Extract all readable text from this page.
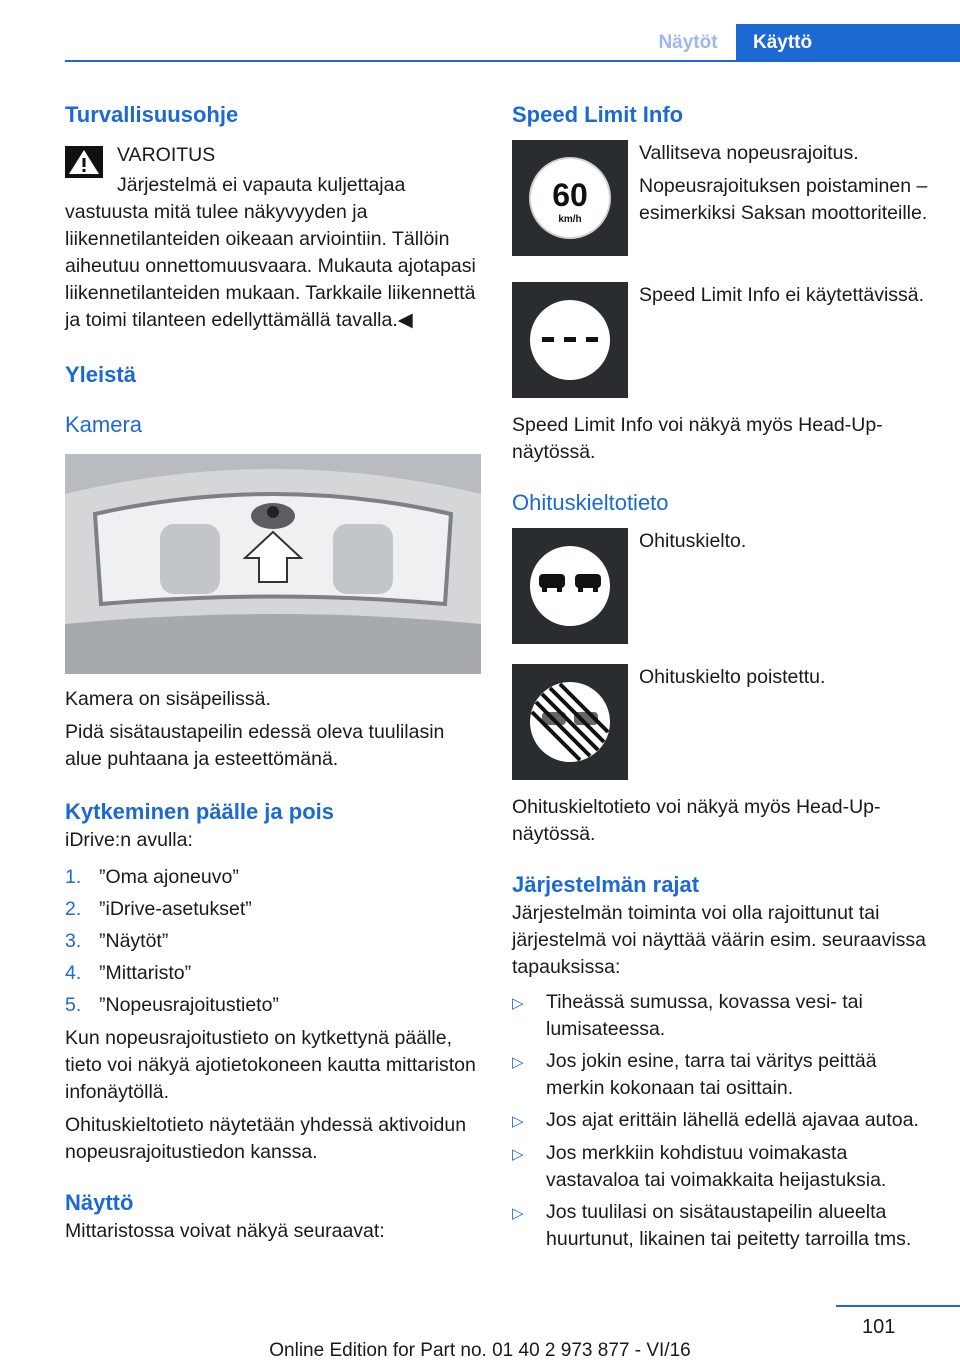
Näytöt	Käyttö
Turvallisuusohje

VAROITUS

Järjestelmä ei vapauta kuljettajaa vastuusta mitä tulee näkyvyyden ja liikennetilanteiden oikeaan arviointiin. Tällöin aiheutuu onnettomuusvaara. Mukauta ajotapasi liikennetilanteiden mukaan. Tarkkaile liikennettä ja toimi tilanteen edellyttämällä tavalla.◀

Yleistä
Kamera

Kamera on sisäpeilissä.

Pidä sisätaustapeilin edessä oleva tuulilasin alue puhtaana ja esteettömänä.

Kytkeminen päälle ja pois

iDrive:n avulla:

1. ”Oma ajoneuvo”
2. ”iDrive-asetukset”
3. ”Näytöt”
4. ”Mittaristo”
5. ”Nopeusrajoitustieto”

Kun nopeusrajoitustieto on kytkettynä päälle, tieto voi näkyä ajotietokoneen kautta mittariston infonäytöllä.

Ohituskieltotieto näytetään yhdessä aktivoidun nopeusrajoitustiedon kanssa.

Näyttö

Mittaristossa voivat näkyä seuraavat:

Speed Limit Info
60
km/h

Vallitseva nopeusrajoitus.

Nopeusrajoituksen poistaminen – esimerkiksi Saksan moottoriteille.

Speed Limit Info ei käytettävissä.

Speed Limit Info voi näkyä myös Head-Up-näytössä.

Ohituskieltotieto

Ohituskielto.

Ohituskielto poistettu.

Ohituskieltotieto voi näkyä myös Head-Up-näytössä.

Järjestelmän rajat

Järjestelmän toiminta voi olla rajoittunut tai järjestelmä voi näyttää väärin esim. seuraavissa tapauksissa:

▷	Tiheässä sumussa, kovassa vesi- tai lumisateessa.
▷	Jos jokin esine, tarra tai väritys peittää merkin kokonaan tai osittain.
▷	Jos ajat erittäin lähellä edellä ajavaa autoa.
▷	Jos merkkiin kohdistuu voimakasta vastavaloa tai voimakkaita heijastuksia.
▷	Jos tuulilasi on sisätaustapeilin alueelta huurtunut, likainen tai peitetty tarroilla tms.
101
Online Edition for Part no. 01 40 2 973 877 - VI/16
